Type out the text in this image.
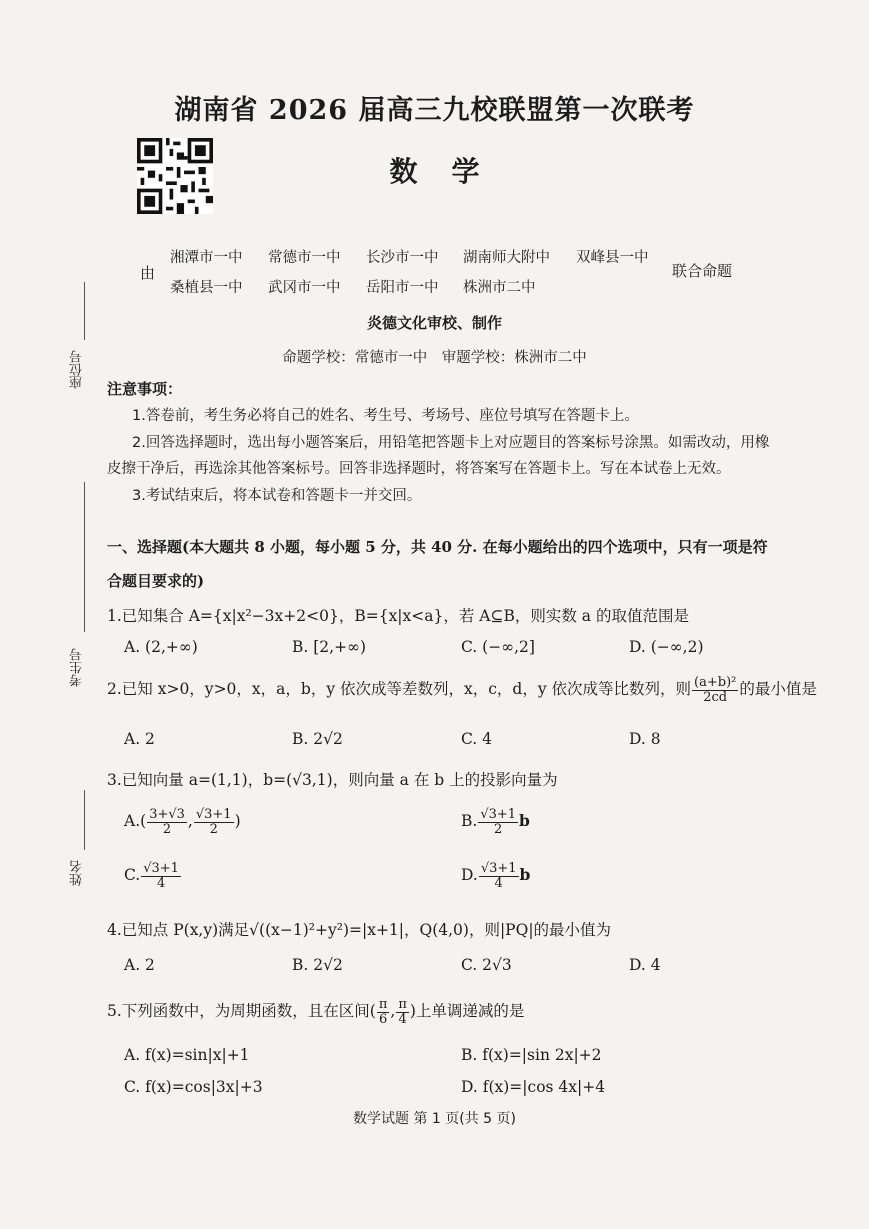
湖南省 2026 届高三九校联盟第一次联考
数学
由
湘潭市一中 常德市一中 长沙市一中 湖南师大附中 双峰县一中
桑植县一中 武冈市一中 岳阳市一中 株洲市二中
联合命题
炎德文化审校、制作
命题学校：常德市一中　审题学校：株洲市二中
座位号
考生号
姓名
注意事项：
1.答卷前，考生务必将自己的姓名、考生号、考场号、座位号填写在答题卡上。
2.回答选择题时，选出每小题答案后，用铅笔把答题卡上对应题目的答案标号涂黑。如需改动，用橡
皮擦干净后，再选涂其他答案标号。回答非选择题时，将答案写在答题卡上。写在本试卷上无效。
3.考试结束后，将本试卷和答题卡一并交回。
一、选择题(本大题共 8 小题，每小题 5 分，共 40 分. 在每小题给出的四个选项中，只有一项是符
合题目要求的)
1.已知集合 A={x|x²−3x+2<0}，B={x|x<a}，若 A⊆B，则实数 a 的取值范围是
A. (2,+∞)	B. [2,+∞)	C. (−∞,2]	D. (−∞,2)
2.已知 x>0，y>0，x，a，b，y 依次成等差数列，x，c，d，y 依次成等比数列，则 $\frac{\text{(a+b)²}}{2cd}$ 的最小值是
A. 2	B. 2√2	C. 4	D. 8
3.已知向量 a=(1,1)，b=(√3,1)，则向量 a 在 b 上的投影向量为
$A.( \frac{3+√3}{2}$ , $\frac{√3+1}{2}$ )	B. $\frac{√3+1}{2}$ b
C. $\frac{√3+1}{4}$	D. $\frac{√3+1}{4}$ b
4.已知点 P(x,y)满足√((x−1)²+y²)=|x+1|，Q(4,0)，则|PQ|的最小值为
A. 2	B. 2√2	C. 2√3	D. 4
5.下列函数中，为周期函数，且在区间( $\frac{\pi}{6}$ , $\frac{\pi}{4}$ )上单调递减的是
A. f(x)=sin|x|+1	B. f(x)=|sin 2x|+2
C. f(x)=cos|3x|+3	D. f(x)=|cos 4x|+4
数学试题 第 1 页(共 5 页)
